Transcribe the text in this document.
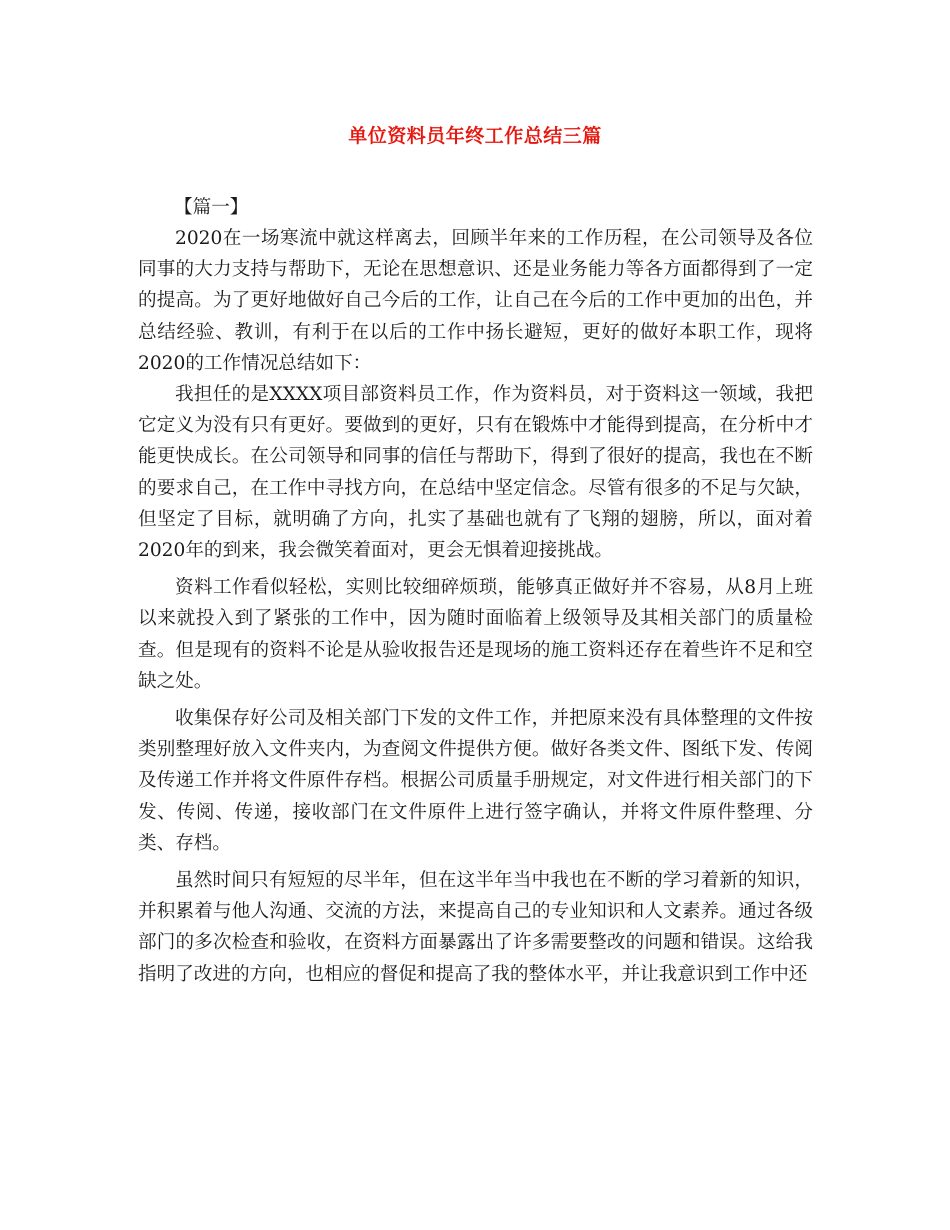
单位资料员年终工作总结三篇
【篇一】

2020在一场寒流中就这样离去，回顾半年来的工作历程，在公司领导及各位同事的大力支持与帮助下，无论在思想意识、还是业务能力等各方面都得到了一定的提高。为了更好地做好自己今后的工作，让自己在今后的工作中更加的出色，并总结经验、教训，有利于在以后的工作中扬长避短，更好的做好本职工作，现将2020的工作情况总结如下：

我担任的是XXXX项目部资料员工作，作为资料员，对于资料这一领域，我把它定义为没有只有更好。要做到的更好，只有在锻炼中才能得到提高，在分析中才能更快成长。在公司领导和同事的信任与帮助下，得到了很好的提高，我也在不断的要求自己，在工作中寻找方向，在总结中坚定信念。尽管有很多的不足与欠缺，但坚定了目标，就明确了方向，扎实了基础也就有了飞翔的翅膀，所以，面对着2020年的到来，我会微笑着面对，更会无惧着迎接挑战。

资料工作看似轻松，实则比较细碎烦琐，能够真正做好并不容易，从8月上班以来就投入到了紧张的工作中，因为随时面临着上级领导及其相关部门的质量检查。但是现有的资料不论是从验收报告还是现场的施工资料还存在着些许不足和空缺之处。

收集保存好公司及相关部门下发的文件工作，并把原来没有具体整理的文件按类别整理好放入文件夹内，为查阅文件提供方便。做好各类文件、图纸下发、传阅及传递工作并将文件原件存档。根据公司质量手册规定，对文件进行相关部门的下发、传阅、传递，接收部门在文件原件上进行签字确认，并将文件原件整理、分类、存档。

虽然时间只有短短的尽半年，但在这半年当中我也在不断的学习着新的知识，并积累着与他人沟通、交流的方法，来提高自己的专业知识和人文素养。通过各级部门的多次检查和验收，在资料方面暴露出了许多需要整改的问题和错误。这给我指明了改进的方向，也相应的督促和提高了我的整体水平，并让我意识到工作中还
